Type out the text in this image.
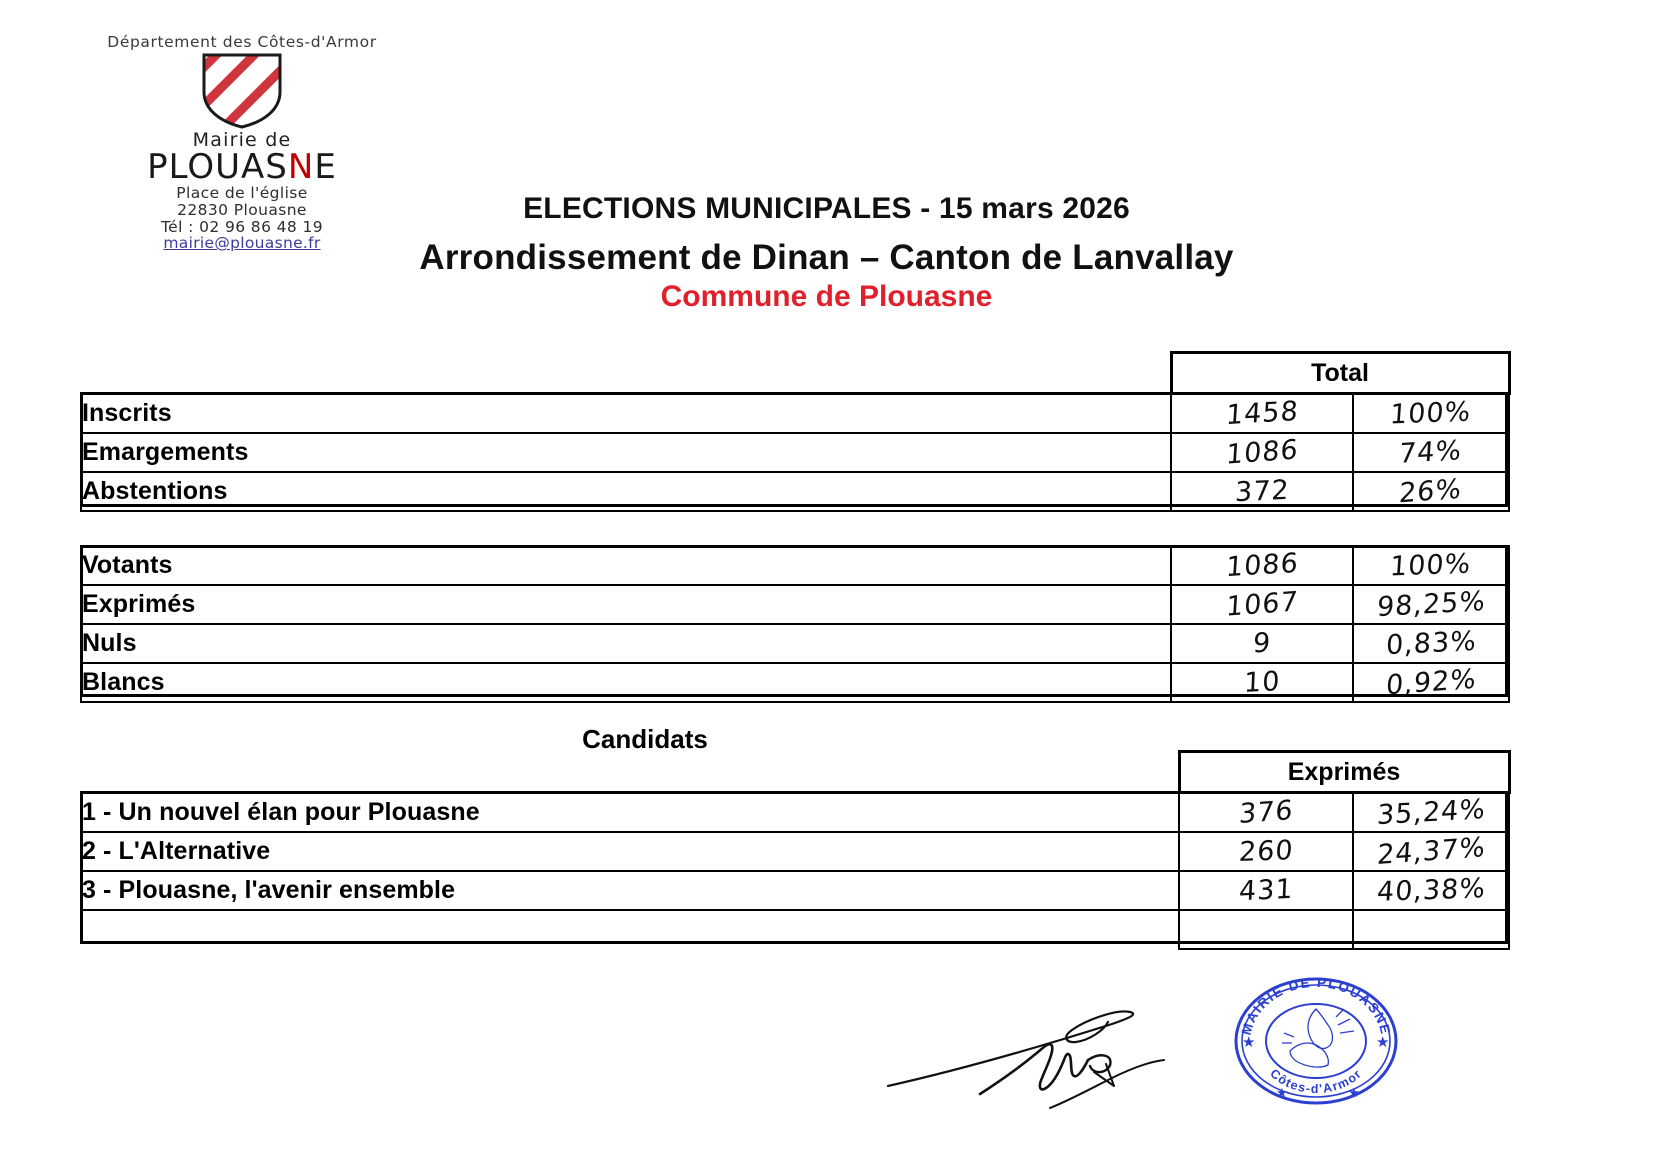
Département des Côtes-d'Armor
Mairie de
PLOUASNE
Place de l'église
22830 Plouasne
Tél : 02 96 86 48 19
mairie@plouasne.fr
ELECTIONS MUNICIPALES - 15 mars 2026
Arrondissement de Dinan – Canton de Lanvallay
Commune de Plouasne
	Total	
Inscrits	1458	100%
Emargements	1086	74%
Abstentions	372	26%
Votants	1086	100%
Exprimés	1067	98,25%
Nuls	9	0,83%
Blancs	10	0,92%
Candidats
	Exprimés	
1 - Un nouvel élan pour Plouasne	376	35,24%
2 - L'Alternative	260	24,37%
3 - Plouasne, l'avenir ensemble	431	40,38%

MAIRIE DE PLOUASNE
Côtes-d'Armor
★	★
★	★
